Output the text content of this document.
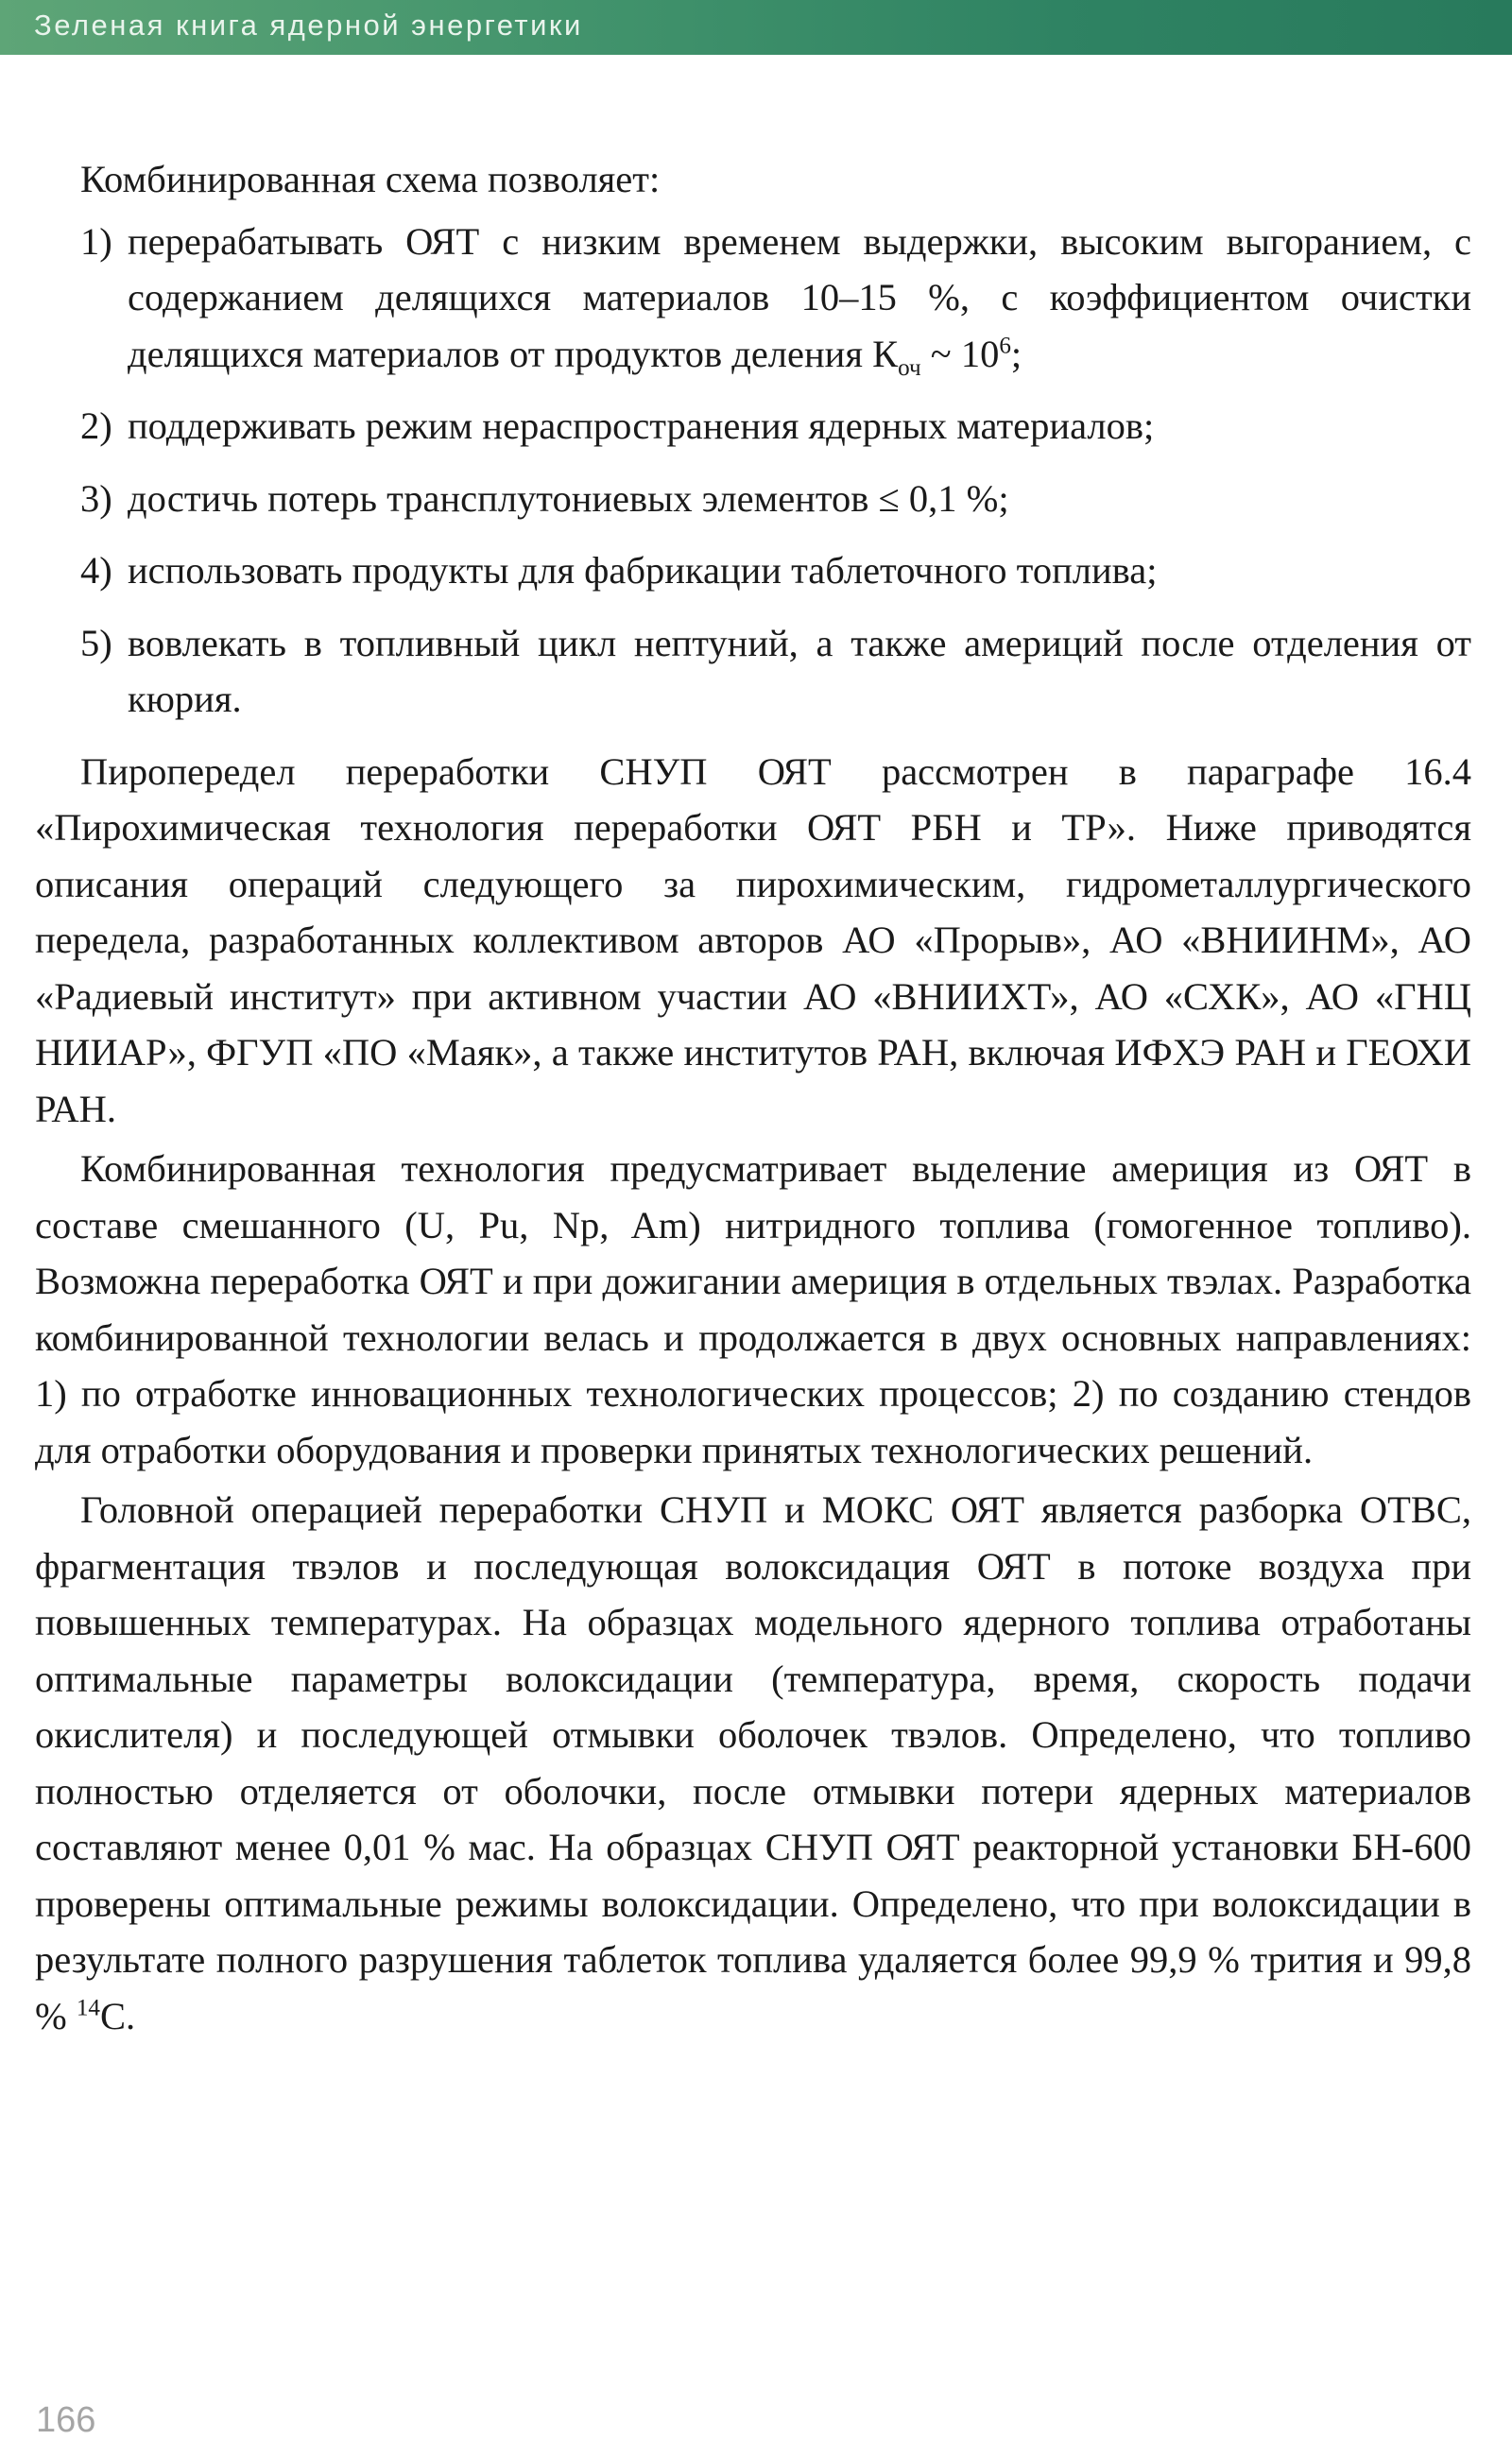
Зеленая книга ядерной энергетики

Комбинированная схема позволяет:

1) перерабатывать ОЯТ с низким временем выдержки, высоким выгоранием, с содержанием делящихся материалов 10–15 %, с коэффициентом очистки делящихся материалов от продуктов деления $К_{оч}$ ~ $10^6$;
2) поддерживать режим нераспространения ядерных материалов;
3) достичь потерь трансплутониевых элементов ≤ 0,1 %;
4) использовать продукты для фабрикации таблеточного топлива;
5) вовлекать в топливный цикл нептуний, а также америций после отделения от кюрия.

Пиропередел переработки СНУП ОЯТ рассмотрен в параграфе 16.4 «Пирохимическая технология переработки ОЯТ РБН и ТР». Ниже приводятся описания операций следующего за пирохимическим, гидрометаллургического передела, разработанных коллективом авторов АО «Прорыв», АО «ВНИИНМ», АО «Радиевый институт» при активном участии АО «ВНИИХТ», АО «СХК», АО «ГНЦ НИИАР», ФГУП «ПО «Маяк», а также институтов РАН, включая ИФХЭ РАН и ГЕОХИ РАН.

Комбинированная технология предусматривает выделение америция из ОЯТ в составе смешанного (U, Pu, Np, Am) нитридного топлива (гомогенное топливо). Возможна переработка ОЯТ и при дожигании америция в отдельных твэлах. Разработка комбинированной технологии велась и продолжается в двух основных направлениях: 1) по отработке инновационных технологических процессов; 2) по созданию стендов для отработки оборудования и проверки принятых технологических решений.

Головной операцией переработки СНУП и МОКС ОЯТ является разборка ОТВС, фрагментация твэлов и последующая волоксидация ОЯТ в потоке воздуха при повышенных температурах. На образцах модельного ядерного топлива отработаны оптимальные параметры волоксидации (температура, время, скорость подачи окислителя) и последующей отмывки оболочек твэлов. Определено, что топливо полностью отделяется от оболочки, после отмывки потери ядерных материалов составляют менее 0,01 % мас. На образцах СНУП ОЯТ реакторной установки БН-600 проверены оптимальные режимы волоксидации. Определено, что при волоксидации в результате полного разрушения таблеток топлива удаляется более 99,9 % трития и 99,8 % $^{14}$С.

166
